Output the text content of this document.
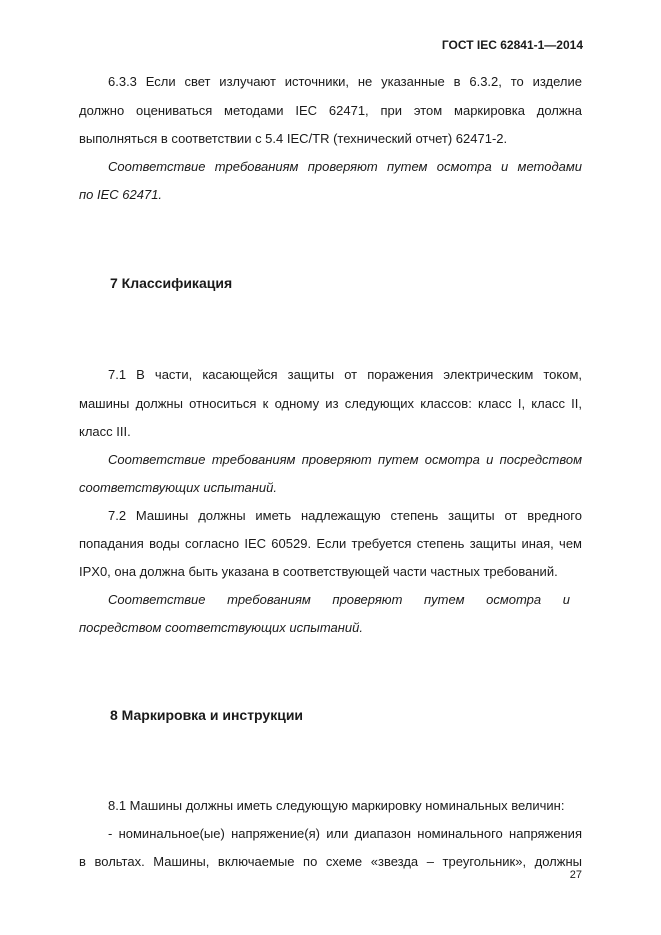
ГОСТ IEC 62841-1—2014
6.3.3 Если свет излучают источники, не указанные в 6.3.2, то изделие
должно оцениваться методами IEC 62471, при этом маркировка должна
выполняться в соответствии с 5.4 IEC/TR (технический отчет) 62471-2.
Соответствие требованиям проверяют путем осмотра и методами
по IEC 62471.
7 Классификация
7.1 В части, касающейся защиты от поражения электрическим током,
машины должны относиться к одному из следующих классов: класс I, класс II,
класс III.
Соответствие требованиям проверяют путем осмотра и посредством
соответствующих испытаний.
7.2 Машины должны иметь надлежащую степень защиты от вредного
попадания воды согласно IEC 60529. Если требуется степень защиты иная, чем
IPX0, она должна быть указана в соответствующей части частных требований.
Соответствие требованиям проверяют путем осмотра и
посредством соответствующих испытаний.
8 Маркировка и инструкции
8.1 Машины должны иметь следующую маркировку номинальных величин:
- номинальное(ые) напряжение(я) или диапазон номинального напряжения
в вольтах. Машины, включаемые по схеме «звезда – треугольник», должны
27
